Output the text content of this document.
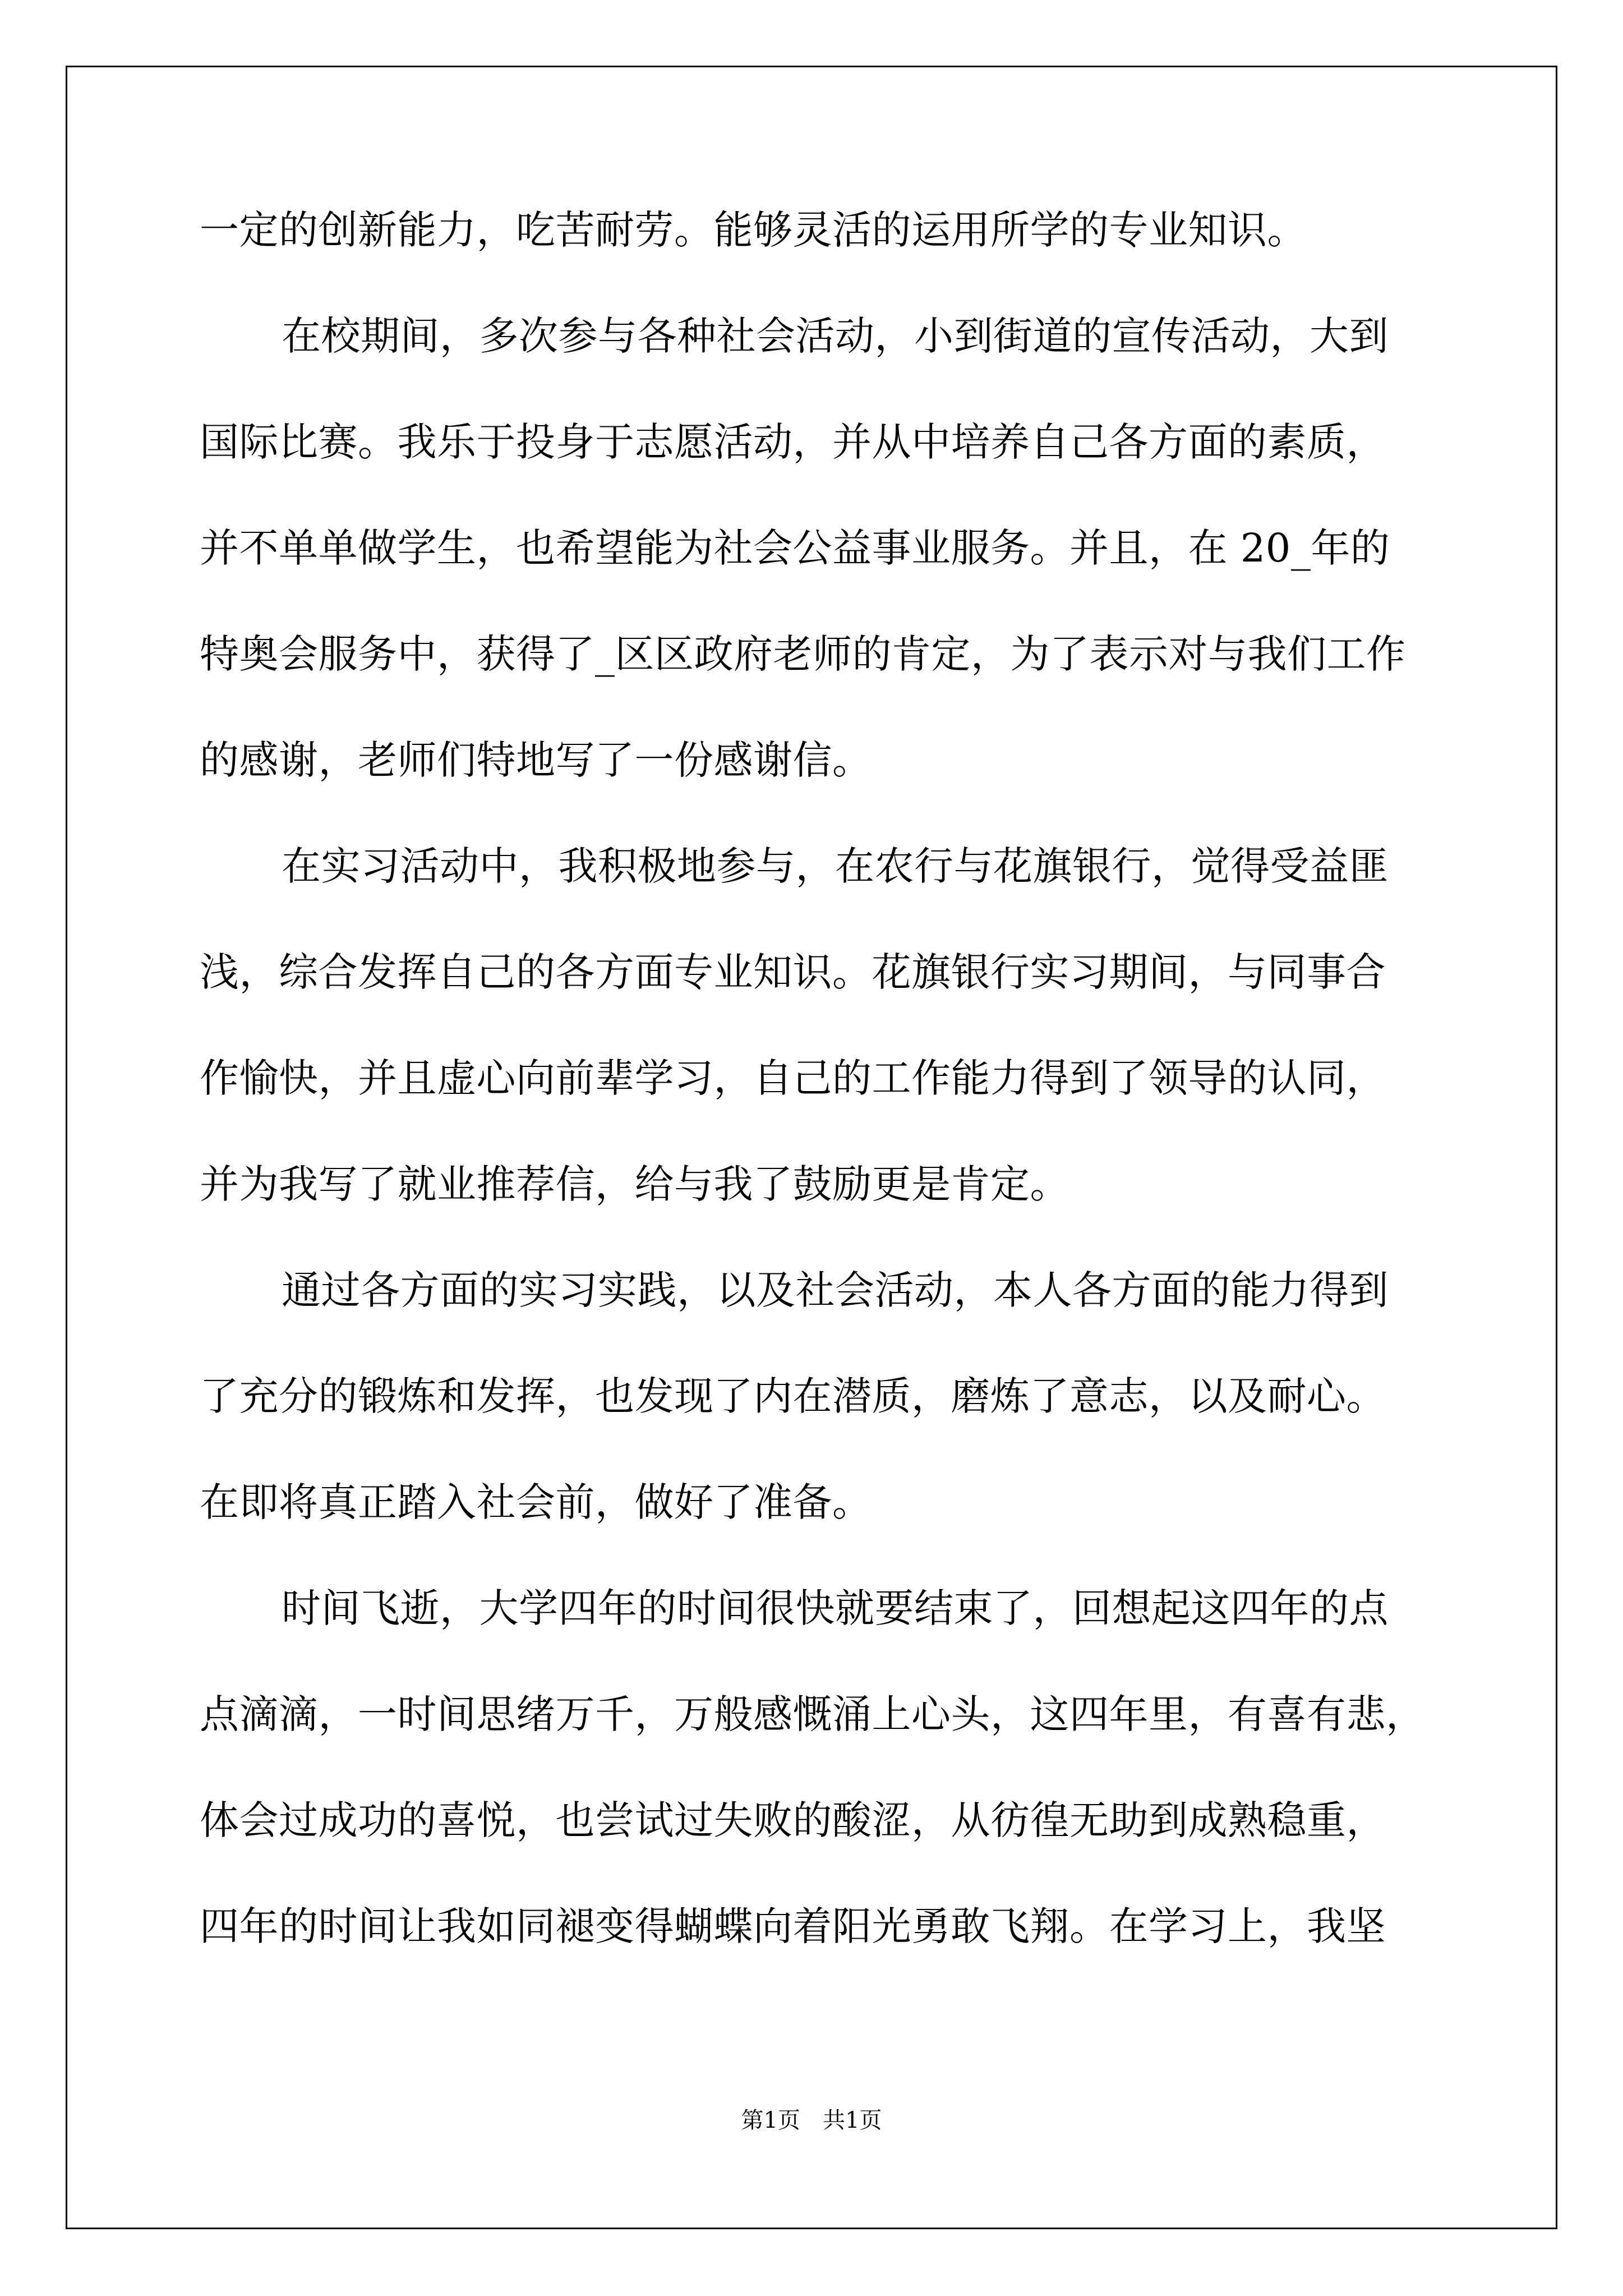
一定的创新能力，吃苦耐劳。能够灵活的运用所学的专业知识。
在校期间，多次参与各种社会活动，小到街道的宣传活动，大到
国际比赛。我乐于投身于志愿活动，并从中培养自己各方面的素质，
并不单单做学生，也希望能为社会公益事业服务。并且，在 20_年的
特奥会服务中，获得了_区区政府老师的肯定，为了表示对与我们工作
的感谢，老师们特地写了一份感谢信。
在实习活动中，我积极地参与，在农行与花旗银行，觉得受益匪
浅，综合发挥自己的各方面专业知识。花旗银行实习期间，与同事合
作愉快，并且虚心向前辈学习，自己的工作能力得到了领导的认同，
并为我写了就业推荐信，给与我了鼓励更是肯定。
通过各方面的实习实践，以及社会活动，本人各方面的能力得到
了充分的锻炼和发挥，也发现了内在潜质，磨炼了意志，以及耐心。
在即将真正踏入社会前，做好了准备。
时间飞逝，大学四年的时间很快就要结束了，回想起这四年的点
点滴滴，一时间思绪万千，万般感慨涌上心头，这四年里，有喜有悲，
体会过成功的喜悦，也尝试过失败的酸涩，从彷徨无助到成熟稳重，
四年的时间让我如同褪变得蝴蝶向着阳光勇敢飞翔。在学习上，我坚
第1页 共1页
